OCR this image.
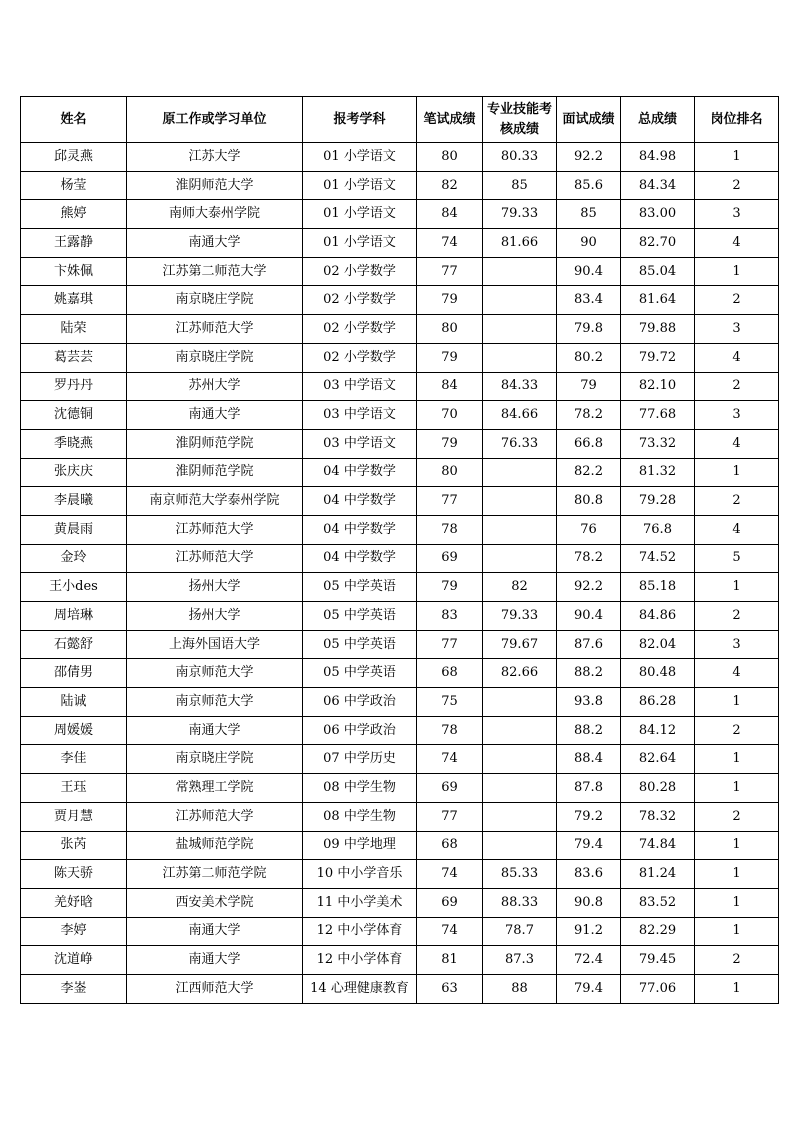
姓名	原工作或学习单位	报考学科	笔试成绩	专业技能考核成绩	面试成绩	总成绩	岗位排名
邱灵燕	江苏大学	01 小学语文	80	80.33	92.2	84.98	1
杨莹	淮阴师范大学	01 小学语文	82	85	85.6	84.34	2
熊婷	南师大泰州学院	01 小学语文	84	79.33	85	83.00	3
王露静	南通大学	01 小学语文	74	81.66	90	82.70	4
卞姝佩	江苏第二师范大学	02 小学数学	77		90.4	85.04	1
姚嘉琪	南京晓庄学院	02 小学数学	79		83.4	81.64	2
陆荣	江苏师范大学	02 小学数学	80		79.8	79.88	3
葛芸芸	南京晓庄学院	02 小学数学	79		80.2	79.72	4
罗丹丹	苏州大学	03 中学语文	84	84.33	79	82.10	2
沈德铜	南通大学	03 中学语文	70	84.66	78.2	77.68	3
季晓燕	淮阴师范学院	03 中学语文	79	76.33	66.8	73.32	4
张庆庆	淮阴师范学院	04 中学数学	80		82.2	81.32	1
李晨曦	南京师范大学泰州学院	04 中学数学	77		80.8	79.28	2
黄晨雨	江苏师范大学	04 中学数学	78		76	76.8	4
金玲	江苏师范大学	04 中学数学	69		78.2	74.52	5
王小des	扬州大学	05 中学英语	79	82	92.2	85.18	1
周培琳	扬州大学	05 中学英语	83	79.33	90.4	84.86	2
石懿舒	上海外国语大学	05 中学英语	77	79.67	87.6	82.04	3
邵倩男	南京师范大学	05 中学英语	68	82.66	88.2	80.48	4
陆诚	南京师范大学	06 中学政治	75		93.8	86.28	1
周媛媛	南通大学	06 中学政治	78		88.2	84.12	2
李佳	南京晓庄学院	07 中学历史	74		88.4	82.64	1
王珏	常熟理工学院	08 中学生物	69		87.8	80.28	1
贾月慧	江苏师范大学	08 中学生物	77		79.2	78.32	2
张芮	盐城师范学院	09 中学地理	68		79.4	74.84	1
陈天骄	江苏第二师范学院	10 中小学音乐	74	85.33	83.6	81.24	1
羌妤晗	西安美术学院	11 中小学美术	69	88.33	90.8	83.52	1
李婷	南通大学	12 中小学体育	74	78.7	91.2	82.29	1
沈道峥	南通大学	12 中小学体育	81	87.3	72.4	79.45	2
李崟	江西师范大学	14 心理健康教育	63	88	79.4	77.06	1
